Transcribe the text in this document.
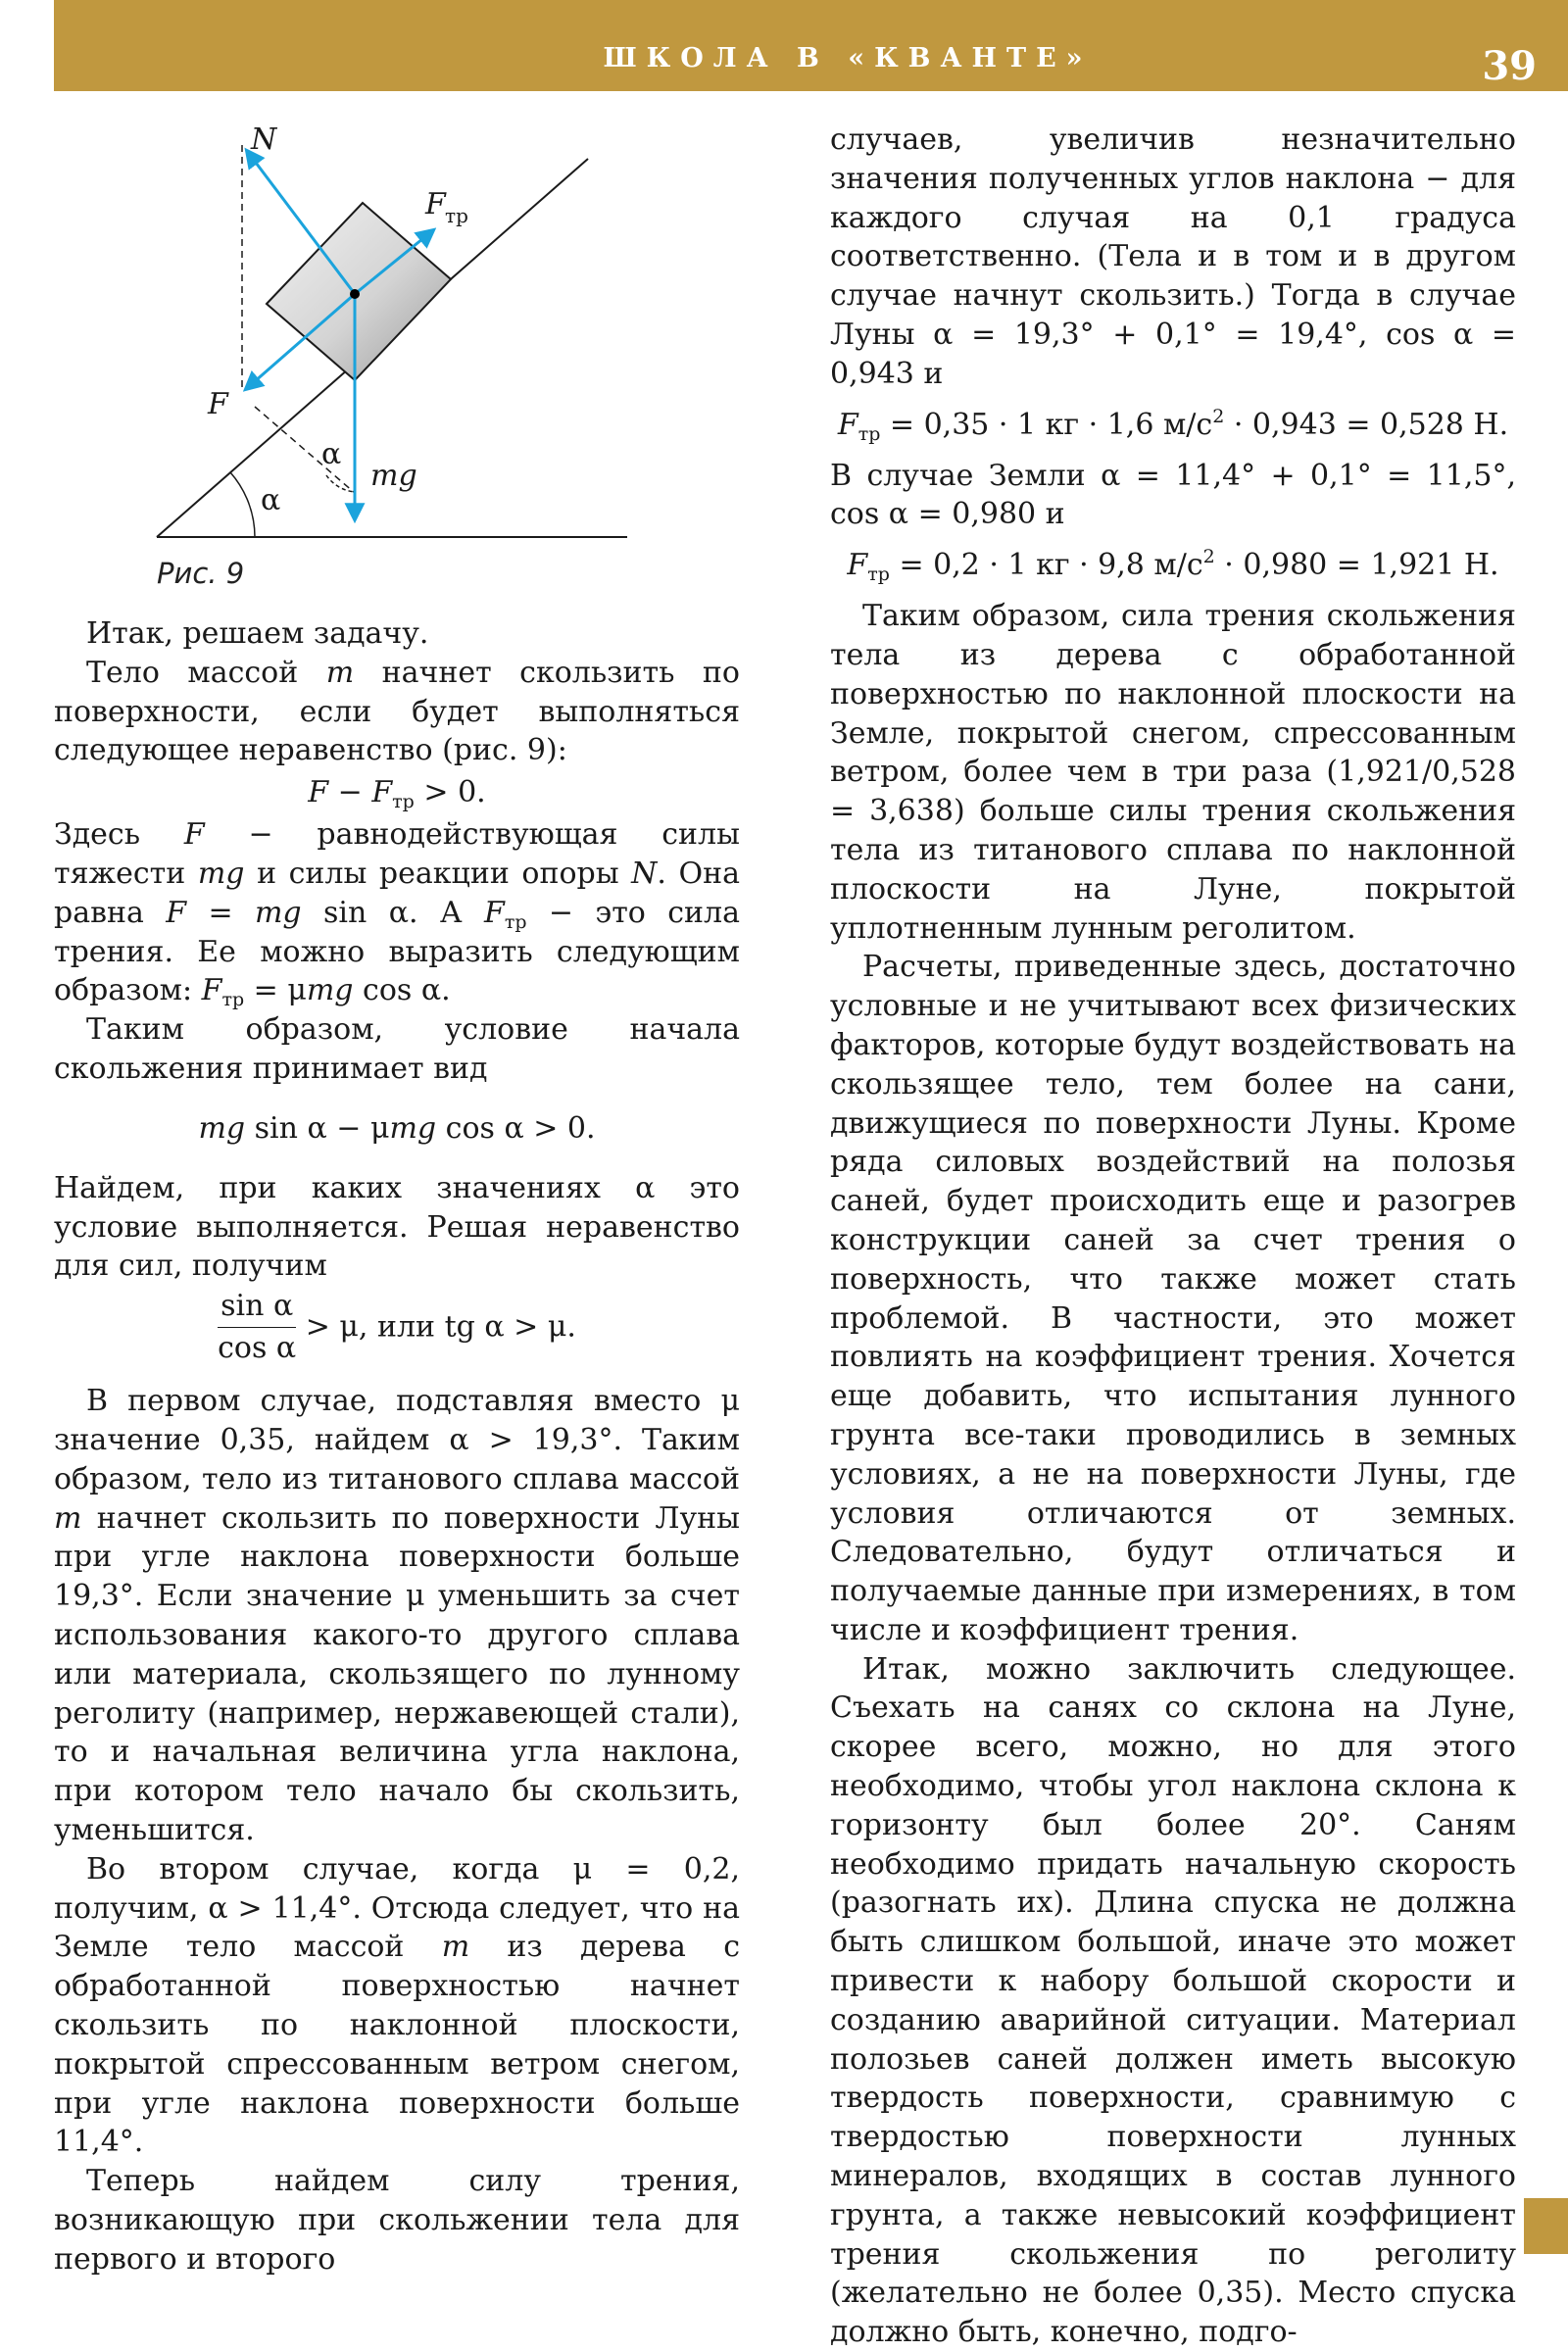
ШКОЛА В «КВАНТЕ»	39
N
F тр
F
α
α
mg
Рис. 9

Итак, решаем задачу.

Тело массой m начнет скользить по поверхности, если будет выполняться следующее неравенство (рис. 9):

$F - F_{тр} > 0$.

Здесь F − равнодействующая силы тяжести mg и силы реакции опоры N. Она равна F = mg sin α. А $F_{тр}$ − это сила трения. Ее можно выразить следующим образом: $F_{тр} = \mu mg$ cos α.

Таким образом, условие начала скольжения принимает вид

mg sin α − μmg cos α > 0.

Найдем, при каких значениях α это условие выполняется. Решая неравенство для сил, получим

$\frac{\text{sin α}}{\text{cos α}} > \mu$, или tg α > μ.

В первом случае, подставляя вместо μ значение 0,35, найдем α > 19,3°. Таким образом, тело из титанового сплава массой m начнет скользить по поверхности Луны при угле наклона поверхности больше 19,3°. Если значение μ уменьшить за счет использования какого-то другого сплава или материала, скользящего по лунному реголиту (например, нержавеющей стали), то и начальная величина угла наклона, при котором тело начало бы скользить, уменьшится.

Во втором случае, когда μ = 0,2, получим, α > 11,4°. Отсюда следует, что на Земле тело массой m из дерева с обработанной поверхностью начнет скользить по наклонной плоскости, покрытой спрессованным ветром снегом, при угле наклона поверхности больше 11,4°.

Теперь найдем силу трения, возникающую при скольжении тела для первого и второго

случаев, увеличив незначительно значения полученных углов наклона − для каждого случая на 0,1 градуса соответственно. (Тела и в том и в другом случае начнут скользить.) Тогда в случае Луны α = 19,3° + 0,1° = 19,4°, cos α = 0,943 и

$F_{тр} = 0,35 \cdot 1$ кг · 1,6 $м/с^2 \cdot 0,943 = 0,528$ Н.

В случае Земли α = 11,4° + 0,1° = 11,5°, cos α = 0,980 и

$F_{тр} = 0,2 \cdot 1$ кг · 9,8 $м/с^2 \cdot 0,980 = 1,921$ Н.

Таким образом, сила трения скольжения тела из дерева с обработанной поверхностью по наклонной плоскости на Земле, покрытой снегом, спрессованным ветром, более чем в три раза (1,921/0,528 = 3,638) больше силы трения скольжения тела из титанового сплава по наклонной плоскости на Луне, покрытой уплотненным лунным реголитом.

Расчеты, приведенные здесь, достаточно условные и не учитывают всех физических факторов, которые будут воздействовать на скользящее тело, тем более на сани, движущиеся по поверхности Луны. Кроме ряда силовых воздействий на полозья саней, будет происходить еще и разогрев конструкции саней за счет трения о поверхность, что также может стать проблемой. В частности, это может повлиять на коэффициент трения. Хочется еще добавить, что испытания лунного грунта все-таки проводились в земных условиях, а не на поверхности Луны, где условия отличаются от земных. Следовательно, будут отличаться и получаемые данные при измерениях, в том числе и коэффициент трения.

Итак, можно заключить следующее. Съехать на санях со склона на Луне, скорее всего, можно, но для этого необходимо, чтобы угол наклона склона к горизонту был более 20°. Саням необходимо придать начальную скорость (разогнать их). Длина спуска не должна быть слишком большой, иначе это может привести к набору большой скорости и созданию аварийной ситуации. Материал полозьев саней должен иметь высокую твердость поверхности, сравнимую с твердостью поверхности лунных минералов, входящих в состав лунного грунта, а также невысокий коэффициент трения скольжения по реголиту (желательно не более 0,35). Место спуска должно быть, конечно, подго-
